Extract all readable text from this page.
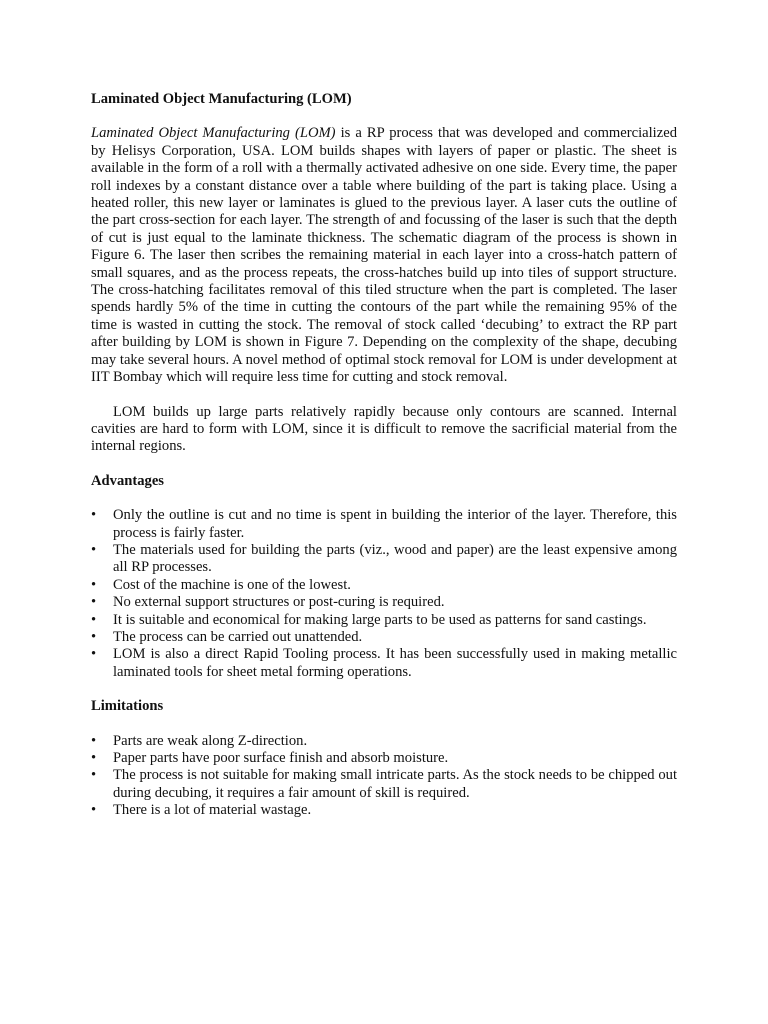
Laminated Object Manufacturing (LOM)

Laminated Object Manufacturing (LOM) is a RP process that was developed and commercialized by Helisys Corporation, USA. LOM builds shapes with layers of paper or plastic. The sheet is available in the form of a roll with a thermally activated adhesive on one side. Every time, the paper roll indexes by a constant distance over a table where building of the part is taking place. Using a heated roller, this new layer or laminates is glued to the previous layer. A laser cuts the outline of the part cross-section for each layer. The strength of and focussing of the laser is such that the depth of cut is just equal to the laminate thickness. The schematic diagram of the process is shown in Figure 6. The laser then scribes the remaining material in each layer into a cross-hatch pattern of small squares, and as the process repeats, the cross-hatches build up into tiles of support structure. The cross-hatching facilitates removal of this tiled structure when the part is completed. The laser spends hardly 5% of the time in cutting the contours of the part while the remaining 95% of the time is wasted in cutting the stock. The removal of stock called ‘decubing’ to extract the RP part after building by LOM is shown in Figure 7. Depending on the complexity of the shape, decubing may take several hours. A novel method of optimal stock removal for LOM is under development at IIT Bombay which will require less time for cutting and stock removal.

LOM builds up large parts relatively rapidly because only contours are scanned. Internal cavities are hard to form with LOM, since it is difficult to remove the sacrificial material from the internal regions.

Advantages
• Only the outline is cut and no time is spent in building the interior of the layer. Therefore, this process is fairly faster.
• The materials used for building the parts (viz., wood and paper) are the least expensive among all RP processes.
• Cost of the machine is one of the lowest.
• No external support structures or post-curing is required.
• It is suitable and economical for making large parts to be used as patterns for sand castings.
• The process can be carried out unattended.
• LOM is also a direct Rapid Tooling process. It has been successfully used in making metallic laminated tools for sheet metal forming operations.
Limitations
• Parts are weak along Z-direction.
• Paper parts have poor surface finish and absorb moisture.
• The process is not suitable for making small intricate parts. As the stock needs to be chipped out during decubing, it requires a fair amount of skill is required.
• There is a lot of material wastage.
